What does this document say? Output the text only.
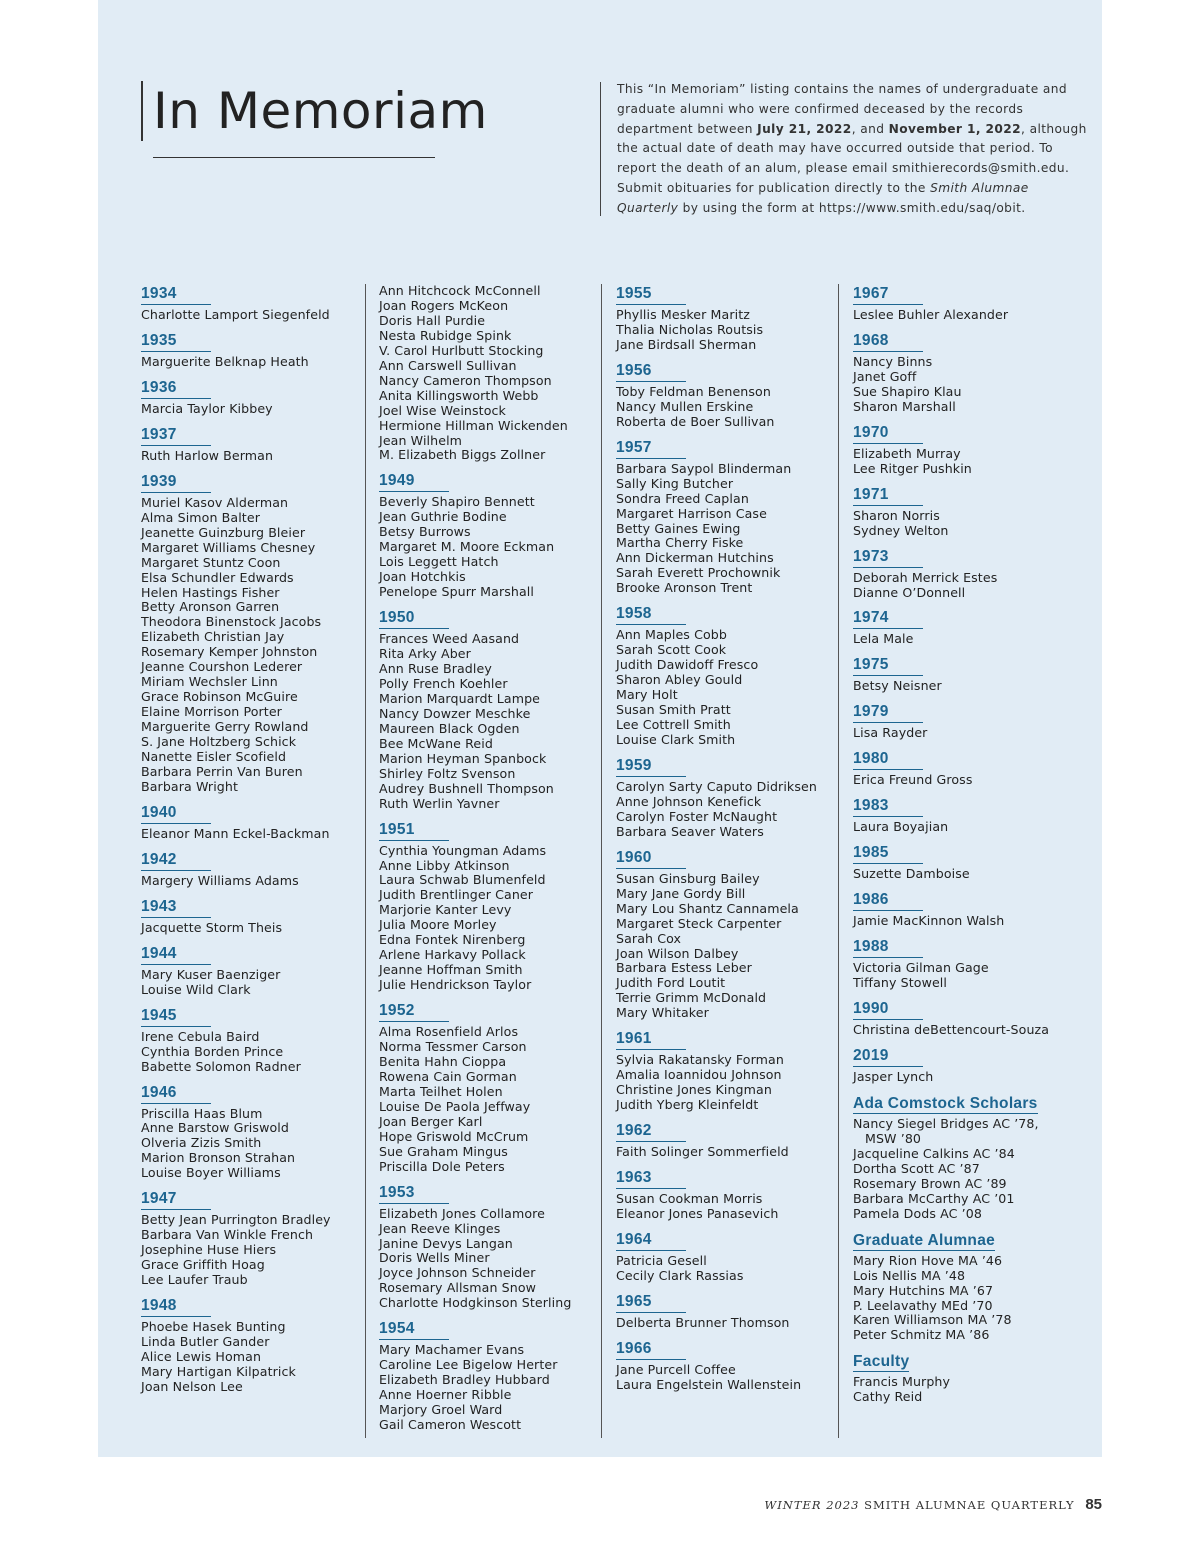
In Memoriam	This “In Memoriam” listing contains the names of undergraduate and graduate alumni who were confirmed deceased by the records department between July 21, 2022, and November 1, 2022, although the actual date of death may have occurred outside that period. To report the death of an alum, please email smithierecords@smith.edu. Submit obituaries for publication directly to the Smith Alumnae Quarterly by using the form at https://www.smith.edu/saq/obit.

1934
Charlotte Lamport Siegenfeld
1935
Marguerite Belknap Heath
1936
Marcia Taylor Kibbey
1937
Ruth Harlow Berman
1939
Muriel Kasov Alderman
Alma Simon Balter
Jeanette Guinzburg Bleier
Margaret Williams Chesney
Margaret Stuntz Coon
Elsa Schundler Edwards
Helen Hastings Fisher
Betty Aronson Garren
Theodora Binenstock Jacobs
Elizabeth Christian Jay
Rosemary Kemper Johnston
Jeanne Courshon Lederer
Miriam Wechsler Linn
Grace Robinson McGuire
Elaine Morrison Porter
Marguerite Gerry Rowland
S. Jane Holtzberg Schick
Nanette Eisler Scofield
Barbara Perrin Van Buren
Barbara Wright
1940
Eleanor Mann Eckel-Backman
1942
Margery Williams Adams
1943
Jacquette Storm Theis
1944
Mary Kuser Baenziger
Louise Wild Clark
1945
Irene Cebula Baird
Cynthia Borden Prince
Babette Solomon Radner
1946
Priscilla Haas Blum
Anne Barstow Griswold
Olveria Zizis Smith
Marion Bronson Strahan
Louise Boyer Williams
1947
Betty Jean Purrington Bradley
Barbara Van Winkle French
Josephine Huse Hiers
Grace Griffith Hoag
Lee Laufer Traub
1948
Phoebe Hasek Bunting
Linda Butler Gander
Alice Lewis Homan
Mary Hartigan Kilpatrick
Joan Nelson Lee
Ann Hitchcock McConnell
Joan Rogers McKeon
Doris Hall Purdie
Nesta Rubidge Spink
V. Carol Hurlbutt Stocking
Ann Carswell Sullivan
Nancy Cameron Thompson
Anita Killingsworth Webb
Joel Wise Weinstock
Hermione Hillman Wickenden
Jean Wilhelm
M. Elizabeth Biggs Zollner
1949
Beverly Shapiro Bennett
Jean Guthrie Bodine
Betsy Burrows
Margaret M. Moore Eckman
Lois Leggett Hatch
Joan Hotchkis
Penelope Spurr Marshall
1950
Frances Weed Aasand
Rita Arky Aber
Ann Ruse Bradley
Polly French Koehler
Marion Marquardt Lampe
Nancy Dowzer Meschke
Maureen Black Ogden
Bee McWane Reid
Marion Heyman Spanbock
Shirley Foltz Svenson
Audrey Bushnell Thompson
Ruth Werlin Yavner
1951
Cynthia Youngman Adams
Anne Libby Atkinson
Laura Schwab Blumenfeld
Judith Brentlinger Caner
Marjorie Kanter Levy
Julia Moore Morley
Edna Fontek Nirenberg
Arlene Harkavy Pollack
Jeanne Hoffman Smith
Julie Hendrickson Taylor
1952
Alma Rosenfield Arlos
Norma Tessmer Carson
Benita Hahn Cioppa
Rowena Cain Gorman
Marta Teilhet Holen
Louise De Paola Jeffway
Joan Berger Karl
Hope Griswold McCrum
Sue Graham Mingus
Priscilla Dole Peters
1953
Elizabeth Jones Collamore
Jean Reeve Klinges
Janine Devys Langan
Doris Wells Miner
Joyce Johnson Schneider
Rosemary Allsman Snow
Charlotte Hodgkinson Sterling
1954
Mary Machamer Evans
Caroline Lee Bigelow Herter
Elizabeth Bradley Hubbard
Anne Hoerner Ribble
Marjory Groel Ward
Gail Cameron Wescott
1955
Phyllis Mesker Maritz
Thalia Nicholas Routsis
Jane Birdsall Sherman
1956
Toby Feldman Benenson
Nancy Mullen Erskine
Roberta de Boer Sullivan
1957
Barbara Saypol Blinderman
Sally King Butcher
Sondra Freed Caplan
Margaret Harrison Case
Betty Gaines Ewing
Martha Cherry Fiske
Ann Dickerman Hutchins
Sarah Everett Prochownik
Brooke Aronson Trent
1958
Ann Maples Cobb
Sarah Scott Cook
Judith Dawidoff Fresco
Sharon Abley Gould
Mary Holt
Susan Smith Pratt
Lee Cottrell Smith
Louise Clark Smith
1959
Carolyn Sarty Caputo Didriksen
Anne Johnson Kenefick
Carolyn Foster McNaught
Barbara Seaver Waters
1960
Susan Ginsburg Bailey
Mary Jane Gordy Bill
Mary Lou Shantz Cannamela
Margaret Steck Carpenter
Sarah Cox
Joan Wilson Dalbey
Barbara Estess Leber
Judith Ford Loutit
Terrie Grimm McDonald
Mary Whitaker
1961
Sylvia Rakatansky Forman
Amalia Ioannidou Johnson
Christine Jones Kingman
Judith Yberg Kleinfeldt
1962
Faith Solinger Sommerfield
1963
Susan Cookman Morris
Eleanor Jones Panasevich
1964
Patricia Gesell
Cecily Clark Rassias
1965
Delberta Brunner Thomson
1966
Jane Purcell Coffee
Laura Engelstein Wallenstein
1967
Leslee Buhler Alexander
1968
Nancy Binns
Janet Goff
Sue Shapiro Klau
Sharon Marshall
1970
Elizabeth Murray
Lee Ritger Pushkin
1971
Sharon Norris
Sydney Welton
1973
Deborah Merrick Estes
Dianne O’Donnell
1974
Lela Male
1975
Betsy Neisner
1979
Lisa Rayder
1980
Erica Freund Gross
1983
Laura Boyajian
1985
Suzette Damboise
1986
Jamie MacKinnon Walsh
1988
Victoria Gilman Gage
Tiffany Stowell
1990
Christina deBettencourt-Souza
2019
Jasper Lynch
Ada Comstock Scholars
Nancy Siegel Bridges AC ’78,
MSW ’80
Jacqueline Calkins AC ’84
Dortha Scott AC ’87
Rosemary Brown AC ’89
Barbara McCarthy AC ’01
Pamela Dods AC ’08
Graduate Alumnae
Mary Rion Hove MA ’46
Lois Nellis MA ’48
Mary Hutchins MA ’67
P. Leelavathy MEd ’70
Karen Williamson MA ’78
Peter Schmitz MA ’86
Faculty
Francis Murphy
Cathy Reid
WINTER 2023 SMITH ALUMNAE QUARTERLY 85
